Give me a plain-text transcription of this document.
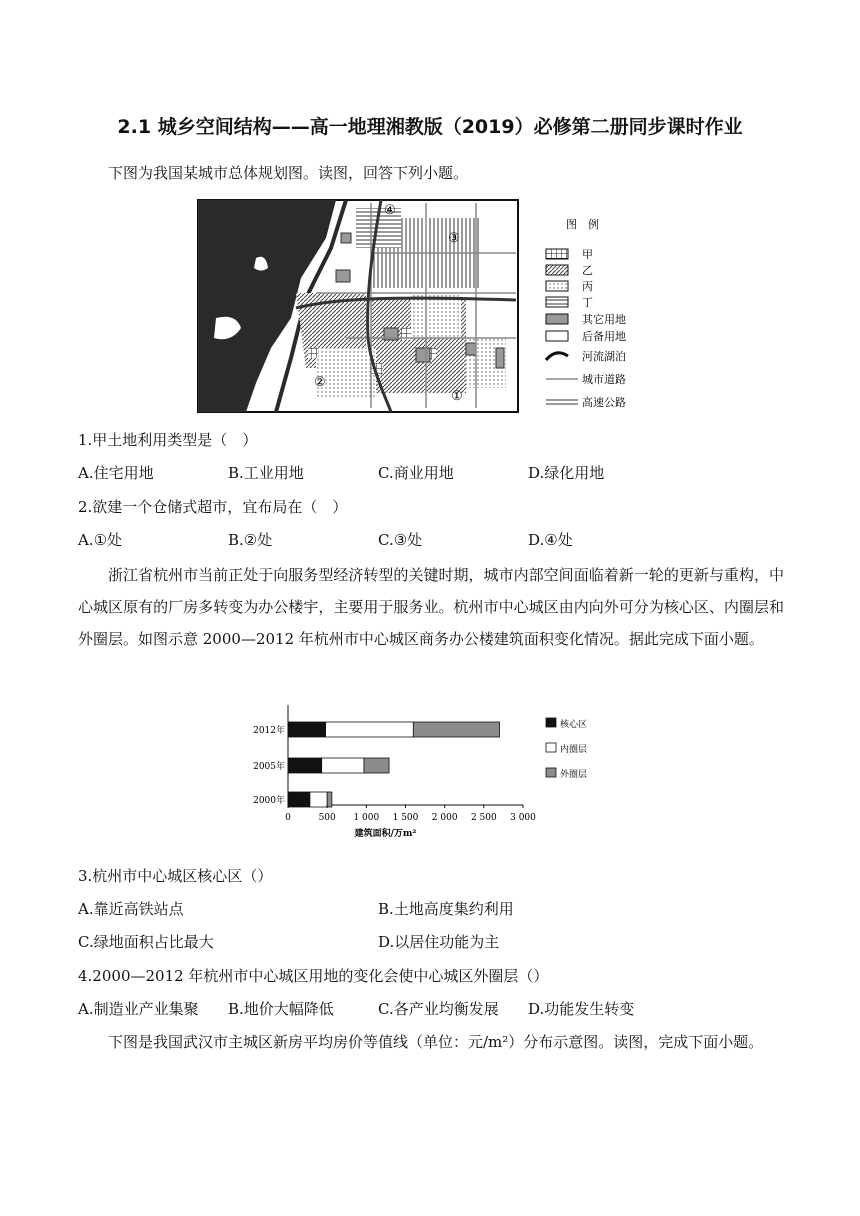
2.1 城乡空间结构——高一地理湘教版（2019）必修第二册同步课时作业
下图为我国某城市总体规划图。读图，回答下列小题。
①
②
③
④
图　例
甲
乙
丙
丁
其它用地
后备用地
河流湖泊
城市道路
高速公路
1.甲土地利用类型是（　）
A.住宅用地	B.工业用地	C.商业用地	D.绿化用地
2.欲建一个仓储式超市，宜布局在（　）
A.①处	B.②处	C.③处	D.④处
浙江省杭州市当前正处于向服务型经济转型的关键时期，城市内部空间面临着新一轮的更新与重构，中心城区原有的厂房多转变为办公楼宇，主要用于服务业。杭州市中心城区由内向外可分为核心区、内圈层和外圈层。如图示意 2000—2012 年杭州市中心城区商务办公楼建筑面积变化情况。据此完成下面小题。
2012年
2005年
2000年
0	500 1 000 1 500 2 000 2 500 3 000
建筑面积/万m²
核心区
内圈层
外圈层
3.杭州市中心城区核心区（）
A.靠近高铁站点	B.土地高度集约利用
C.绿地面积占比最大	D.以居住功能为主
4.2000—2012 年杭州市中心城区用地的变化会使中心城区外圈层（）
A.制造业产业集聚 B.地价大幅降低	C.各产业均衡发展 D.功能发生转变
下图是我国武汉市主城区新房平均房价等值线（单位：元/m²）分布示意图。读图，完成下面小题。
